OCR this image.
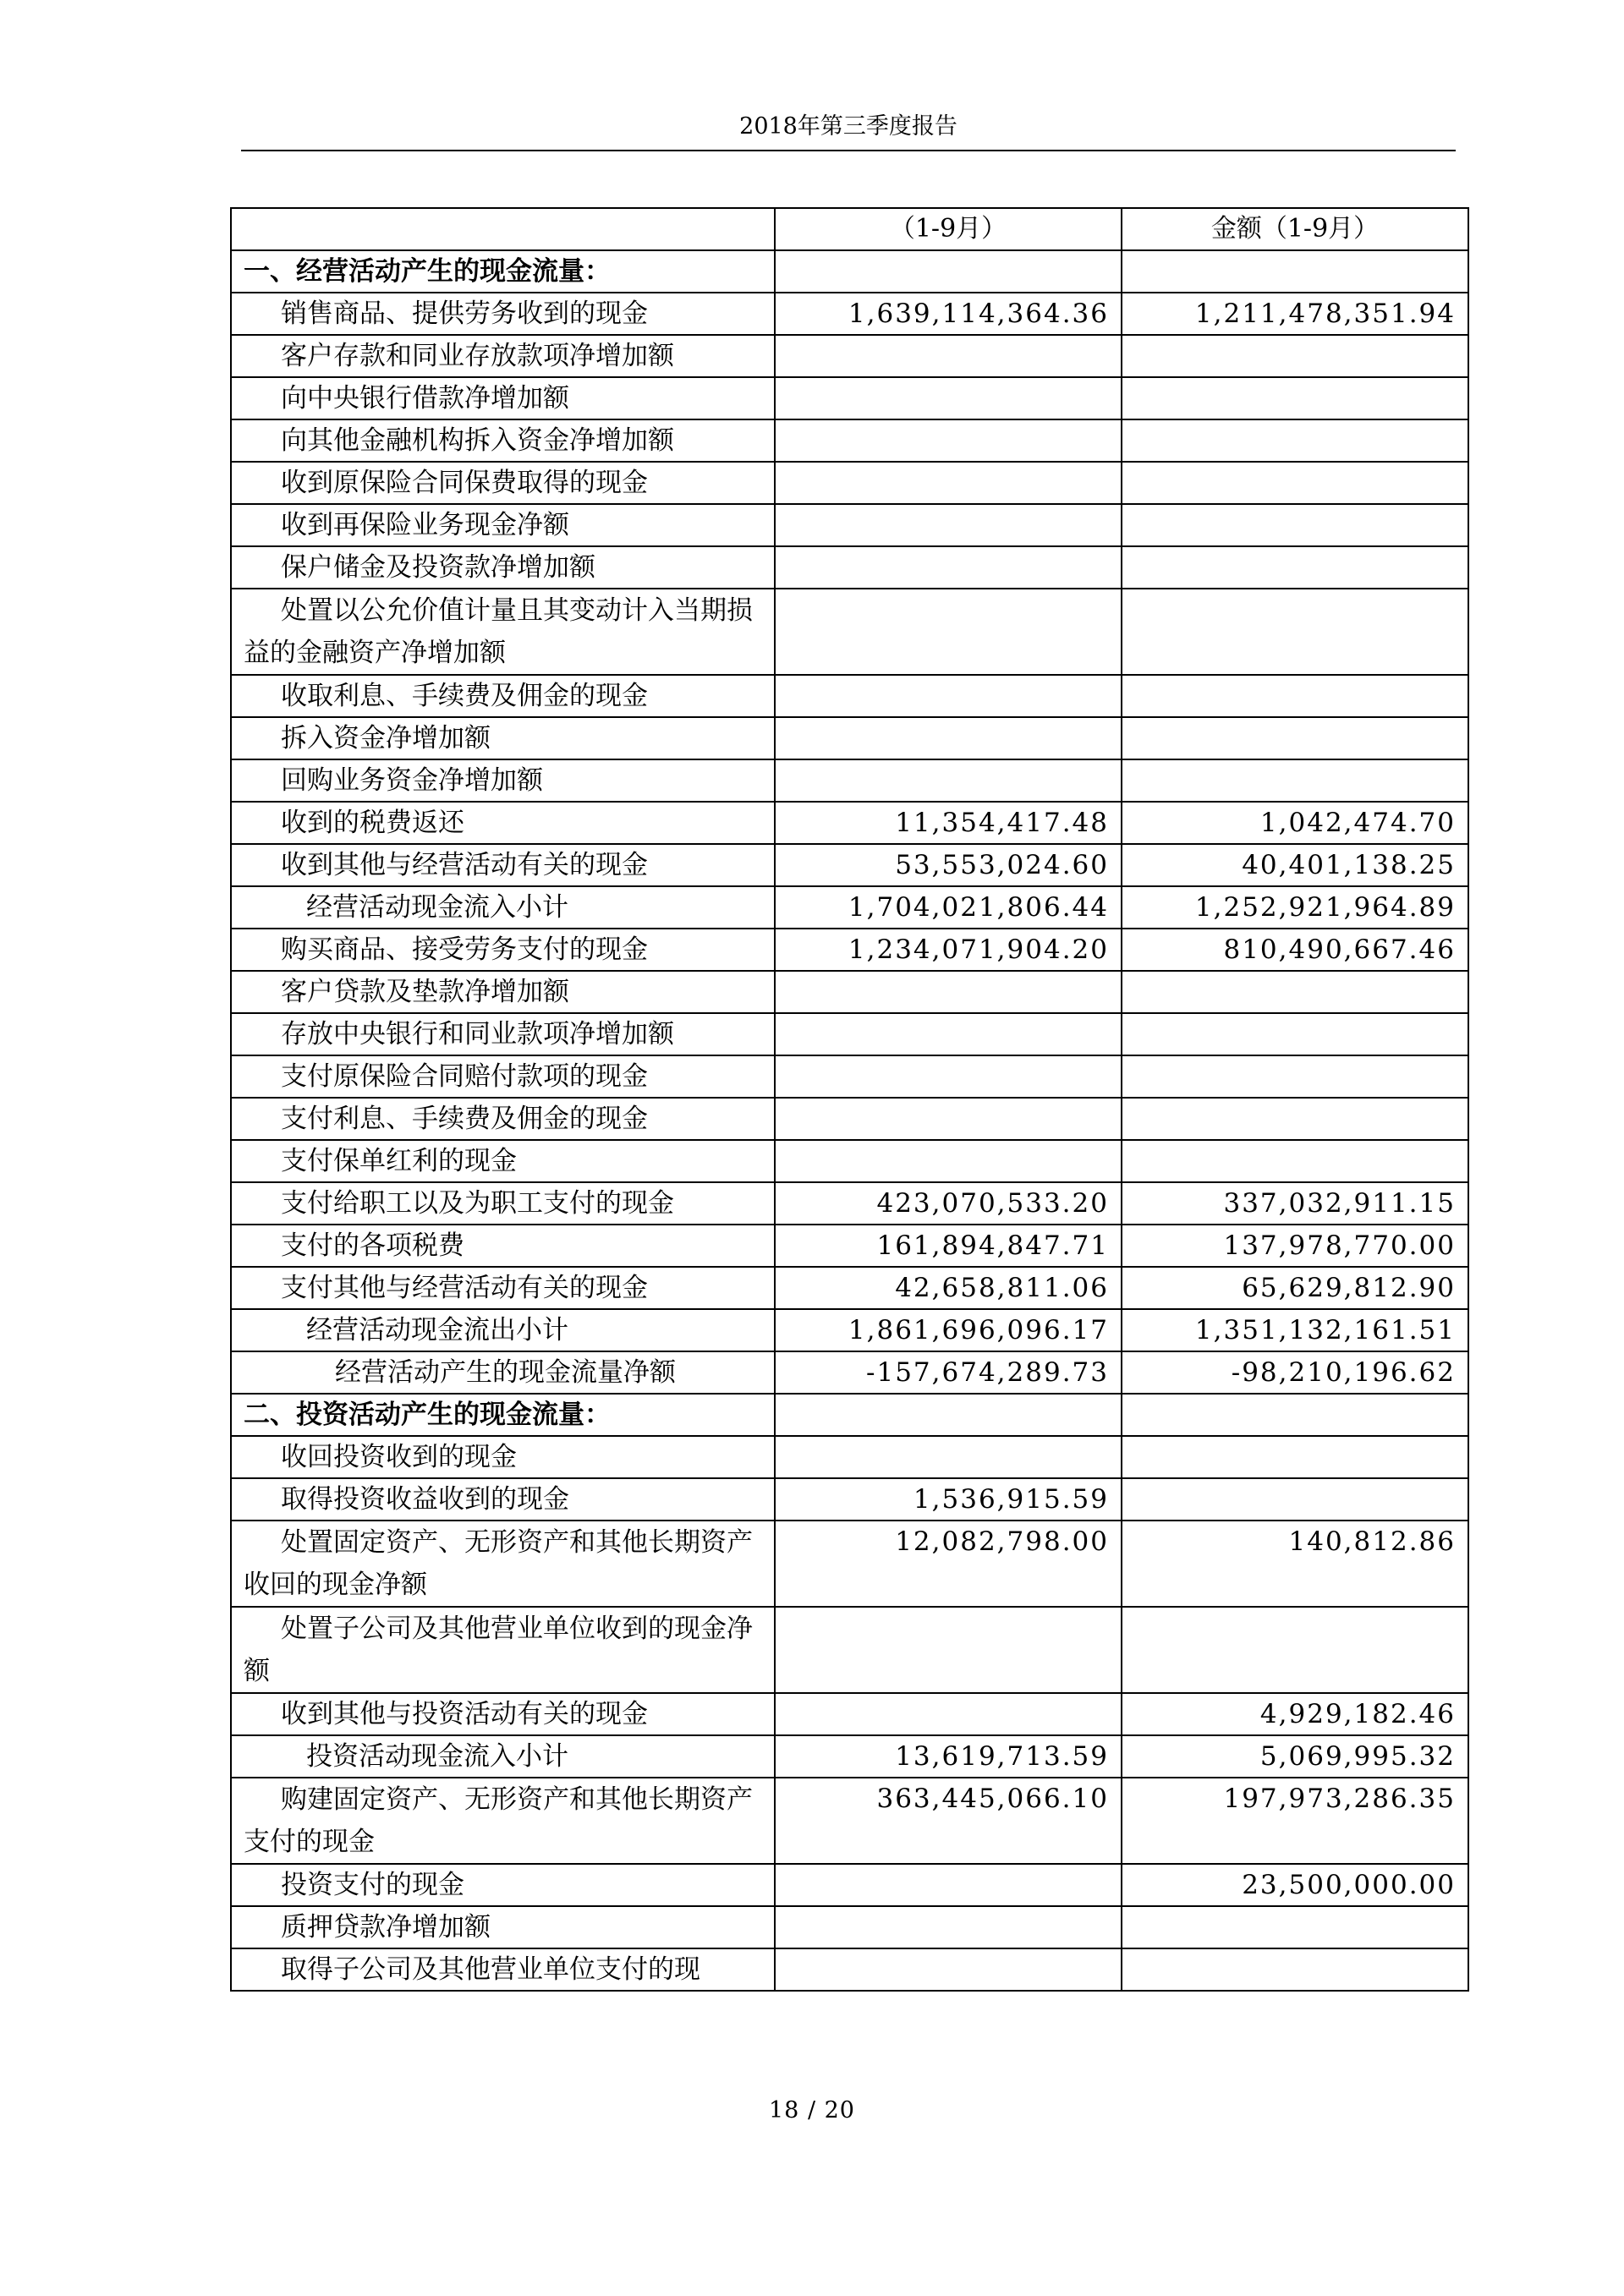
2018年第三季度报告
	（1-9月）	金额（1-9月）
一、经营活动产生的现金流量：		
销售商品、提供劳务收到的现金	1,639,114,364.36	1,211,478,351.94
客户存款和同业存放款项净增加额		
向中央银行借款净增加额		
向其他金融机构拆入资金净增加额		
收到原保险合同保费取得的现金		
收到再保险业务现金净额		
保户储金及投资款净增加额		
处置以公允价值计量且其变动计入当期损益的金融资产净增加额		
收取利息、手续费及佣金的现金		
拆入资金净增加额		
回购业务资金净增加额		
收到的税费返还	11,354,417.48	1,042,474.70
收到其他与经营活动有关的现金	53,553,024.60	40,401,138.25
经营活动现金流入小计	1,704,021,806.44	1,252,921,964.89
购买商品、接受劳务支付的现金	1,234,071,904.20	810,490,667.46
客户贷款及垫款净增加额		
存放中央银行和同业款项净增加额		
支付原保险合同赔付款项的现金		
支付利息、手续费及佣金的现金		
支付保单红利的现金		
支付给职工以及为职工支付的现金	423,070,533.20	337,032,911.15
支付的各项税费	161,894,847.71	137,978,770.00
支付其他与经营活动有关的现金	42,658,811.06	65,629,812.90
经营活动现金流出小计	1,861,696,096.17	1,351,132,161.51
经营活动产生的现金流量净额	-157,674,289.73	-98,210,196.62
二、投资活动产生的现金流量：		
收回投资收到的现金		
取得投资收益收到的现金	1,536,915.59	
处置固定资产、无形资产和其他长期资产收回的现金净额	12,082,798.00	140,812.86
处置子公司及其他营业单位收到的现金净额		
收到其他与投资活动有关的现金		4,929,182.46
投资活动现金流入小计	13,619,713.59	5,069,995.32
购建固定资产、无形资产和其他长期资产支付的现金	363,445,066.10	197,973,286.35
投资支付的现金		23,500,000.00
质押贷款净增加额		
取得子公司及其他营业单位支付的现		
18 / 20
